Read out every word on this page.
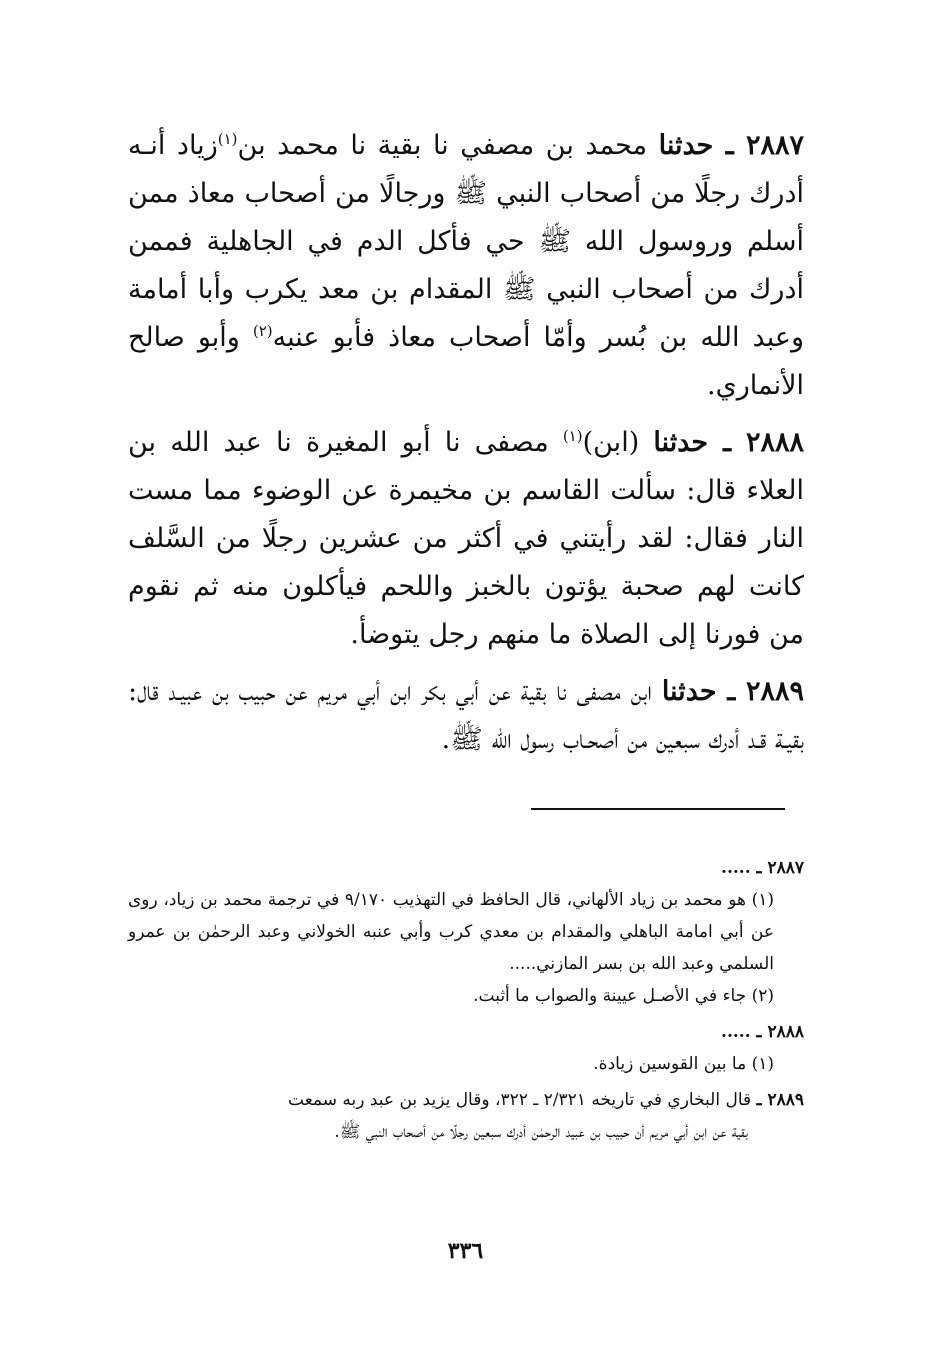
٢٨٨٧ ـ حدثنا محمد بن مصفي نا بقية نا محمد بن$^{(١)}$زياد أنـه أدرك رجلًا من أصحاب النبي ﷺ ورجالًا من أصحاب معاذ ممن أسلم وروسول الله ﷺ حي فأكل الدم في الجاهلية فممن أدرك من أصحاب النبي ﷺ المقدام بن معد يكرب وأبا أمامة وعبد الله بن بُسر وأمّا أصحاب معاذ فأبو عنبه$^{(٢)}$ وأبو صالح الأنماري.

٢٨٨٨ ـ حدثنا (ابن)$^{(١)}$ مصفى نا أبو المغيرة نا عبد الله بن العلاء قال: سألت القاسم بن مخيمرة عن الوضوء مما مست النار فقال: لقد رأيتني في أكثر من عشرين رجلًا من السَّلف كانت لهم صحبة يؤتون بالخبز واللحم فيأكلون منه ثم نقوم من فورنا إلى الصلاة ما منهم رجل يتوضأ.

٢٨٨٩ ـ حدثنا ابن مصفى نا بقية عن أبي بكر ابن أبي مريم عن حبيب بن عبيـد قال: بقيـة قـد أدرك سبعين من أصحـاب رسول الله ﷺ.

٢٨٨٧ ـ .....
(١) هو محمد بن زياد الألهاني، قال الحافظ في التهذيب ٩/١٧٠ في ترجمة محمد بن زياد، روى عن أبي امامة الباهلي والمقدام بن معدي كرب وأبي عنبه الخولاني وعبد الرحمٰن بن عمرو السلمي وعبد الله بن بسر المازني.....
(٢) جاء في الأصـل عيينة والصواب ما أثبت.
٢٨٨٨ ـ .....
(١) ما بين القوسين زيادة.
٢٨٨٩ ـ قال البخاري في تاريخه ٢/٣٢١ ـ ٣٢٢، وقال يزيد بن عبد ربه سمعت
بقية عن ابن أبي مريم أن حبيب بن عبيد الرحمٰن أدرك سبعين رجلًا من أصحاب النبي ﷺ.
٣٣٦
